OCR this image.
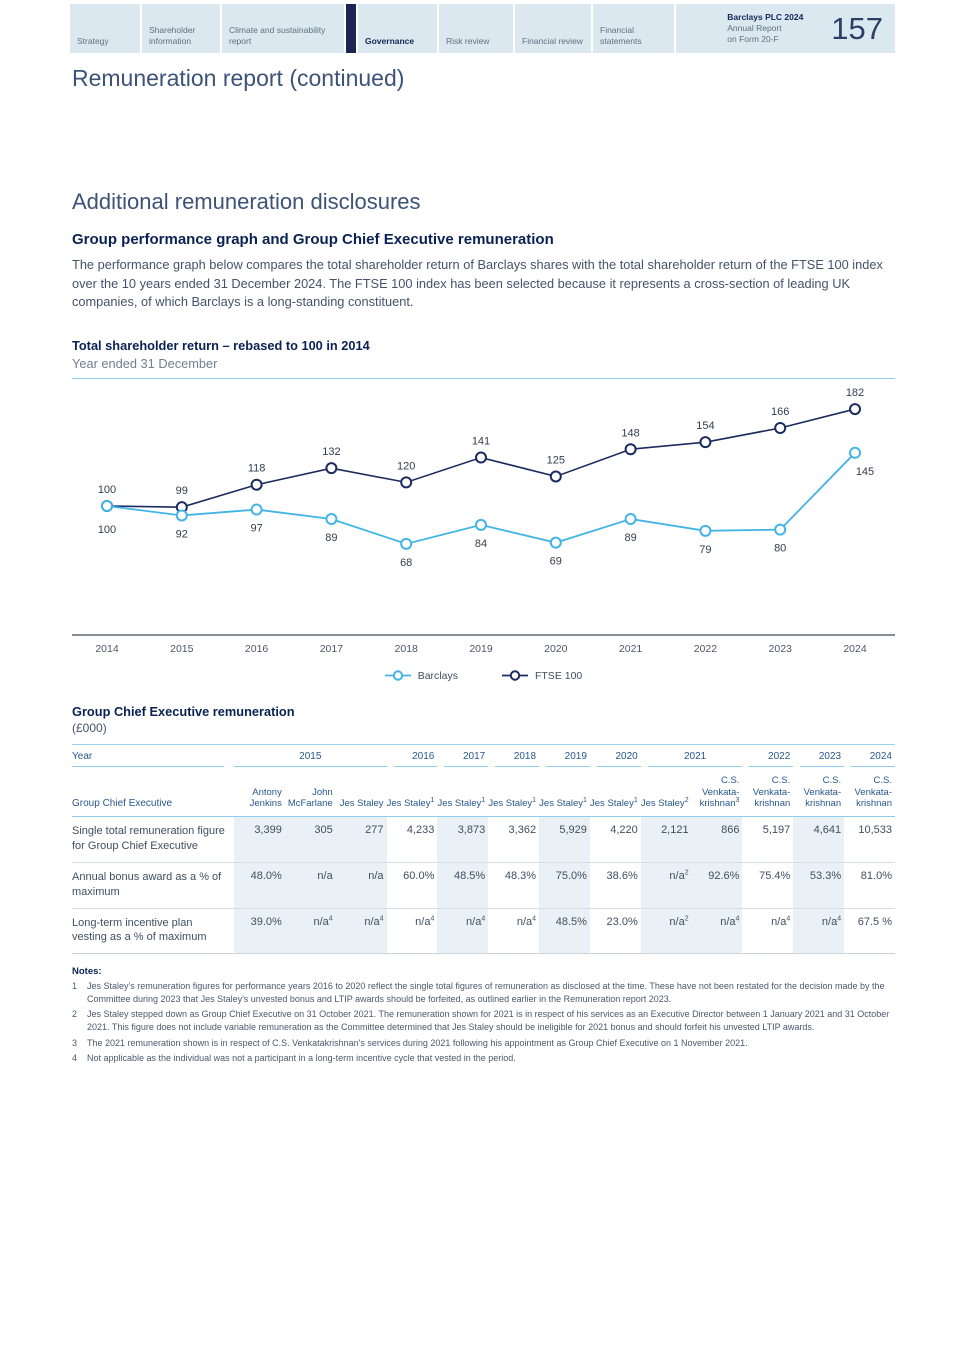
Strategy
Shareholder information
Climate and sustainability report	Governance	Risk review	Financial review
Financial statements
Barclays PLC 2024
Annual Report
on Form 20-F	157
Remuneration report (continued)
Additional remuneration disclosures
Group performance graph and Group Chief Executive remuneration

The performance graph below compares the total shareholder return of Barclays shares with the total shareholder return of the FTSE 100 index over the 10 years ended 31 December 2024. The FTSE 100 index has been selected because it represents a cross-section of leading UK companies, of which Barclays is a long-standing constituent.

Total shareholder return – rebased to 100 in 2014
Year ended 31 December
2014	2015	2016	2017	2018	2019	2020	2021	2022	2023	2024
100	99
118
132
120
141
125
148
154
166
182
100	92	97
89
68
84
69
89
79	80
145
Barclays	FTSE 100
Group Chief Executive remuneration
(£000)
Year	2015			2016	2017	2018	2019	2020	2021		2022	2023	2024

Group Chief Executive	Antony Jenkins	John McFarlane	Jes Staley	Jes Staley$^1$	Jes Staley$^1$	Jes Staley$^1$	Jes Staley$^1$	Jes Staley$^1$	Jes Staley$^2$	C.S. Venkata-krishnan$^3$	C.S. Venkata-krishnan	C.S. Venkata-krishnan	C.S. Venkata-krishnan
Single total remuneration figure for Group Chief Executive	3,399	305	277	4,233	3,873	3,362	5,929	4,220	2,121	866	5,197	4,641	10,533
Annual bonus award as a % of maximum	48.0%	n/a	n/a	60.0%	48.5%	48.3%	75.0%	38.6%	$n/a^2$	92.6%	75.4%	53.3%	81.0%
Long-term incentive plan vesting as a % of maximum	39.0%	$n/a^4$	$n/a^4$	$n/a^4$	$n/a^4$	$n/a^4$	48.5%	23.0%	$n/a^2$	$n/a^4$	$n/a^4$	$n/a^4$	67.5 %
Notes:
1	Jes Staley's remuneration figures for performance years 2016 to 2020 reflect the single total figures of remuneration as disclosed at the time. These have not been restated for the decision made by the Committee during 2023 that Jes Staley's unvested bonus and LTIP awards should be forfeited, as outlined earlier in the Remuneration report 2023.
2	Jes Staley stepped down as Group Chief Executive on 31 October 2021. The remuneration shown for 2021 is in respect of his services as an Executive Director between 1 January 2021 and 31 October 2021. This figure does not include variable remuneration as the Committee determined that Jes Staley should be ineligible for 2021 bonus and should forfeit his unvested LTIP awards.
3	The 2021 remuneration shown is in respect of C.S. Venkatakrishnan's services during 2021 following his appointment as Group Chief Executive on 1 November 2021.
4	Not applicable as the individual was not a participant in a long-term incentive cycle that vested in the period.
